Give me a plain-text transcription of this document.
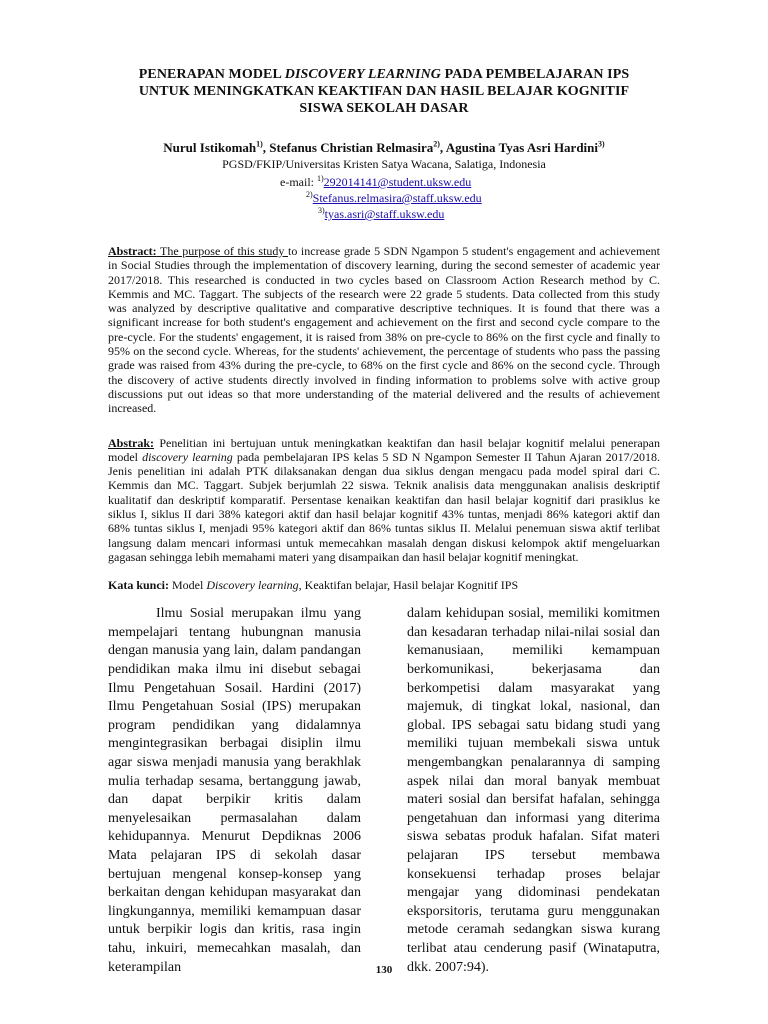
PENERAPAN MODEL DISCOVERY LEARNING PADA PEMBELAJARAN IPS
UNTUK MENINGKATKAN KEAKTIFAN DAN HASIL BELAJAR KOGNITIF
SISWA SEKOLAH DASAR
Nurul Istikomah$^{1)}$, Stefanus Christian Relmasira$^{2)}$, Agustina Tyas Asri Hardini$^{3)}$
PGSD/FKIP/Universitas Kristen Satya Wacana, Salatiga, Indonesia
e-mail: $^{1)}$292014141@student.uksw.edu
$^{2)}$Stefanus.relmasira@staff.uksw.edu
$^{3)}$tyas.asri@staff.uksw.edu
Abstract: The purpose of this study to increase grade 5 SDN Ngampon 5 student's engagement and achievement in Social Studies through the implementation of discovery learning, during the second semester of academic year 2017/2018. This researched is conducted in two cycles based on Classroom Action Research method by C. Kemmis and MC. Taggart. The subjects of the research were 22 grade 5 students. Data collected from this study was analyzed by descriptive qualitative and comparative descriptive techniques. It is found that there was a significant increase for both student's engagement and achievement on the first and second cycle compare to the pre-cycle. For the students' engagement, it is raised from 38% on pre-cycle to 86% on the first cycle and finally to 95% on the second cycle. Whereas, for the students' achievement, the percentage of students who pass the passing grade was raised from 43% during the pre-cycle, to 68% on the first cycle and 86% on the second cycle. Through the discovery of active students directly involved in finding information to problems solve with active group discussions put out ideas so that more understanding of the material delivered and the results of achievement increased.
Abstrak: Penelitian ini bertujuan untuk meningkatkan keaktifan dan hasil belajar kognitif melalui penerapan model discovery learning pada pembelajaran IPS kelas 5 SD N Ngampon Semester II Tahun Ajaran 2017/2018. Jenis penelitian ini adalah PTK dilaksanakan dengan dua siklus dengan mengacu pada model spiral dari C. Kemmis dan MC. Taggart. Subjek berjumlah 22 siswa. Teknik analisis data menggunakan analisis deskriptif kualitatif dan deskriptif komparatif. Persentase kenaikan keaktifan dan hasil belajar kognitif dari prasiklus ke siklus I, siklus II dari 38% kategori aktif dan hasil belajar kognitif 43% tuntas, menjadi 86% kategori aktif dan 68% tuntas siklus I, menjadi 95% kategori aktif dan 86% tuntas siklus II. Melalui penemuan siswa aktif terlibat langsung dalam mencari informasi untuk memecahkan masalah dengan diskusi kelompok aktif mengeluarkan gagasan sehingga lebih memahami materi yang disampaikan dan hasil belajar kognitif meningkat.
Kata kunci: Model Discovery learning, Keaktifan belajar, Hasil belajar Kognitif IPS

Ilmu Sosial merupakan ilmu yang mempelajari tentang hubungnan manusia dengan manusia yang lain, dalam pandangan pendidikan maka ilmu ini disebut sebagai Ilmu Pengetahuan Sosail. Hardini (2017) Ilmu Pengetahuan Sosial (IPS) merupakan program pendidikan yang didalamnya mengintegrasikan berbagai disiplin ilmu agar siswa menjadi manusia yang berakhlak mulia terhadap sesama, bertanggung jawab, dan dapat berpikir kritis dalam menyelesaikan permasalahan dalam kehidupannya. Menurut Depdiknas 2006 Mata pelajaran IPS di sekolah dasar bertujuan mengenal konsep-konsep yang berkaitan dengan kehidupan masyarakat dan lingkungannya, memiliki kemampuan dasar untuk berpikir logis dan kritis, rasa ingin tahu, inkuiri, memecahkan masalah, dan keterampilan

dalam kehidupan sosial, memiliki komitmen dan kesadaran terhadap nilai-nilai sosial dan kemanusiaan, memiliki kemampuan berkomunikasi, bekerjasama dan berkompetisi dalam masyarakat yang majemuk, di tingkat lokal, nasional, dan global. IPS sebagai satu bidang studi yang memiliki tujuan membekali siswa untuk mengembangkan penalarannya di samping aspek nilai dan moral banyak membuat materi sosial dan bersifat hafalan, sehingga pengetahuan dan informasi yang diterima siswa sebatas produk hafalan. Sifat materi pelajaran IPS tersebut membawa konsekuensi terhadap proses belajar mengajar yang didominasi pendekatan eksporsitoris, terutama guru menggunakan metode ceramah sedangkan siswa kurang terlibat atau cenderung pasif (Winataputra, dkk. 2007:94).

130
